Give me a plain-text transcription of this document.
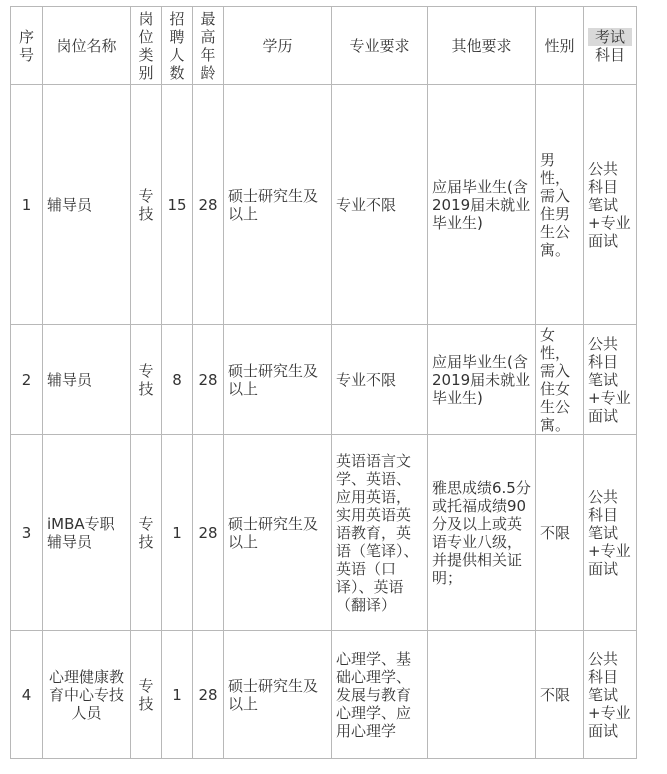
序号	岗位名称	岗位类别	招聘人数	最高年龄	学历	专业要求	其他要求	性别	考试
科目

1	辅导员	专技	15	28	硕士研究生及以上	专业不限	应届毕业生(含2019届未就业毕业生)	男性，需入住男生公寓。	公共科目笔试+专业面试
2	辅导员	专技	8	28	硕士研究生及以上	专业不限	应届毕业生(含2019届未就业毕业生)	女性，需入住女生公寓。	公共科目笔试+专业面试
3	iMBA专职辅导员	专技	1	28	硕士研究生及以上	英语语言文学、英语、应用英语，实用英语英语教育，英语（笔译）、英语（口译）、英语（翻译）	雅思成绩6.5分或托福成绩90分及以上或英语专业八级，并提供相关证明；	不限	公共科目笔试+专业面试
4	心理健康教育中心专技人员	专技	1	28	硕士研究生及以上	心理学、基础心理学、发展与教育心理学、应用心理学		不限	公共科目笔试+专业面试
